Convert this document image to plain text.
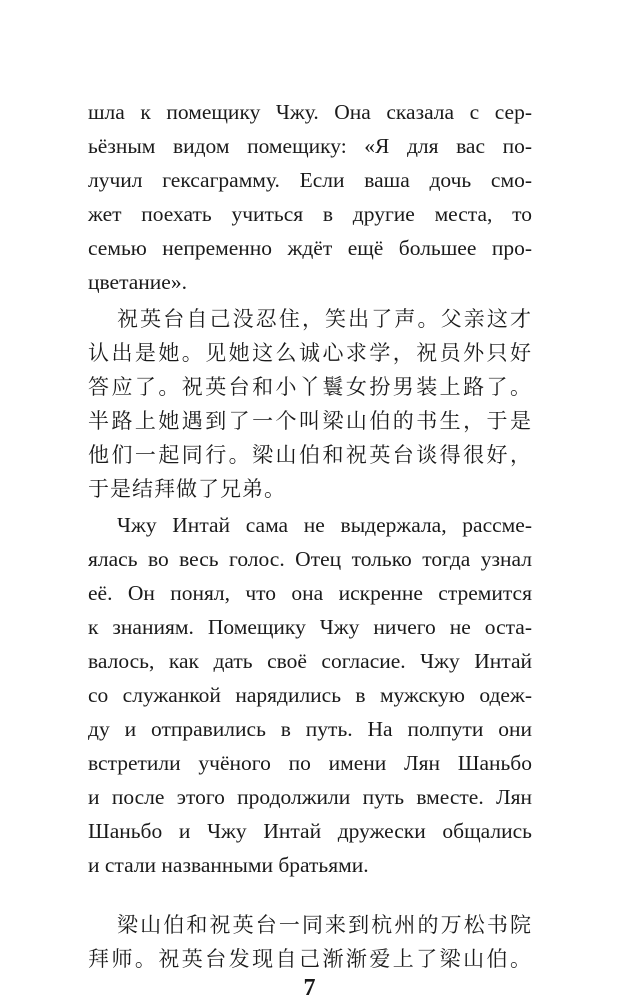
шла к помещику Чжу. Она сказала с сер-
ьёзным видом помещику: «Я для вас по-
лучил гексаграмму. Если ваша дочь смо-
жет поехать учиться в другие места, то
семью непременно ждёт ещё большее про-
цветание».
祝英台自己没忍住，笑出了声。父亲这才
认出是她。见她这么诚心求学，祝员外只好
答应了。祝英台和小丫鬟女扮男装上路了。
半路上她遇到了一个叫梁山伯的书生，于是
他们一起同行。梁山伯和祝英台谈得很好，
于是结拜做了兄弟。
Чжу Интай сама не выдержала, рассме-
ялась во весь голос. Отец только тогда узнал
её. Он понял, что она искренне стремится
к знаниям. Помещику Чжу ничего не оста-
валось, как дать своё согласие. Чжу Интай
со служанкой нарядились в мужскую одеж-
ду и отправились в путь. На полпути они
встретили учёного по имени Лян Шаньбо
и после этого продолжили путь вместе. Лян
Шаньбо и Чжу Интай дружески общались
и стали названными братьями.
梁山伯和祝英台一同来到杭州的万松书院
拜师。祝英台发现自己渐渐爱上了梁山伯。
7
